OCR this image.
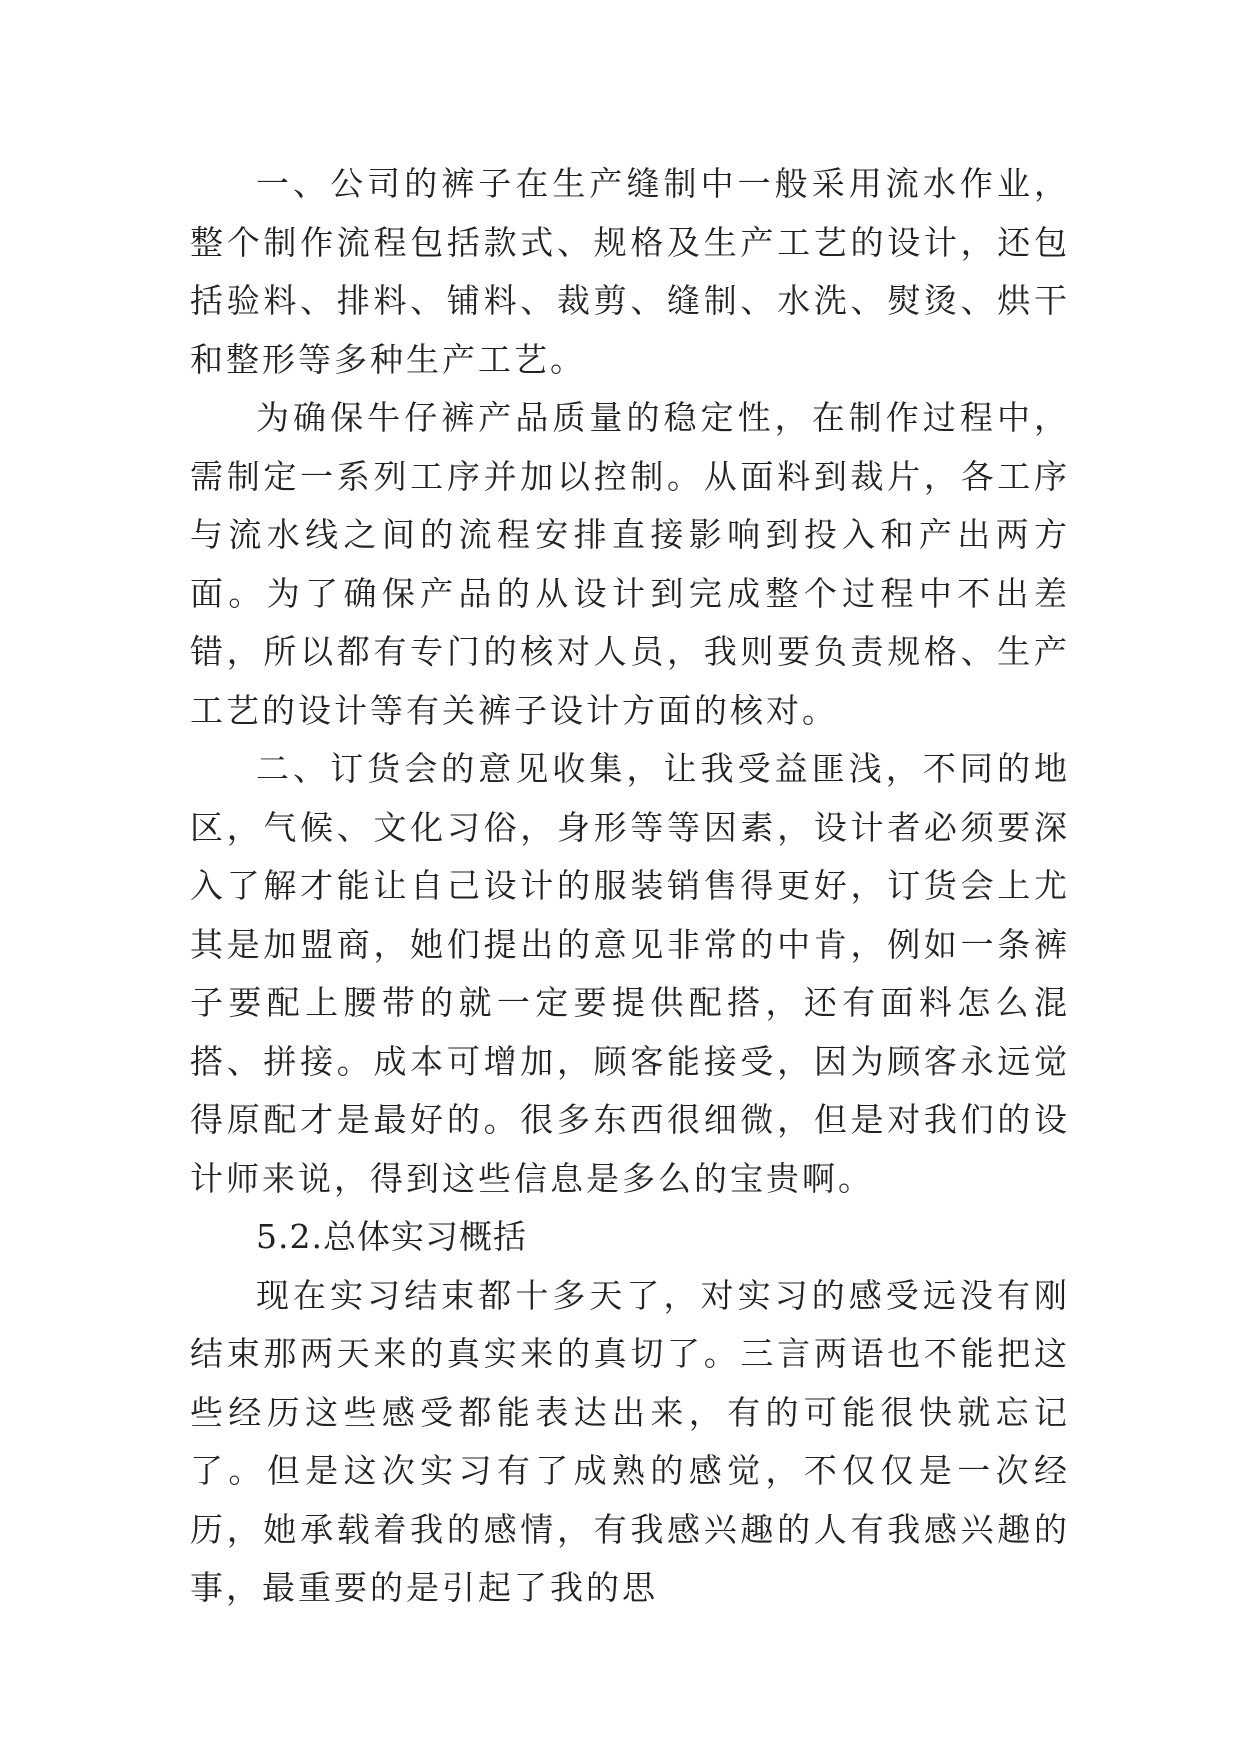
一、公司的裤子在生产缝制中一般采用流水作业，整个制作流程包括款式、规格及生产工艺的设计，还包括验料、排料、铺料、裁剪、缝制、水洗、熨烫、烘干和整形等多种生产工艺。

为确保牛仔裤产品质量的稳定性，在制作过程中，需制定一系列工序并加以控制。从面料到裁片，各工序与流水线之间的流程安排直接影响到投入和产出两方面。为了确保产品的从设计到完成整个过程中不出差错，所以都有专门的核对人员，我则要负责规格、生产工艺的设计等有关裤子设计方面的核对。

二、订货会的意见收集，让我受益匪浅，不同的地区，气候、文化习俗，身形等等因素，设计者必须要深入了解才能让自己设计的服装销售得更好，订货会上尤其是加盟商，她们提出的意见非常的中肯，例如一条裤子要配上腰带的就一定要提供配搭，还有面料怎么混搭、拼接。成本可增加，顾客能接受，因为顾客永远觉得原配才是最好的。很多东西很细微，但是对我们的设计师来说，得到这些信息是多么的宝贵啊。

5.2.总体实习概括

现在实习结束都十多天了，对实习的感受远没有刚结束那两天来的真实来的真切了。三言两语也不能把这些经历这些感受都能表达出来，有的可能很快就忘记了。但是这次实习有了成熟的感觉，不仅仅是一次经历，她承载着我的感情，有我感兴趣的人有我感兴趣的事，最重要的是引起了我的思
